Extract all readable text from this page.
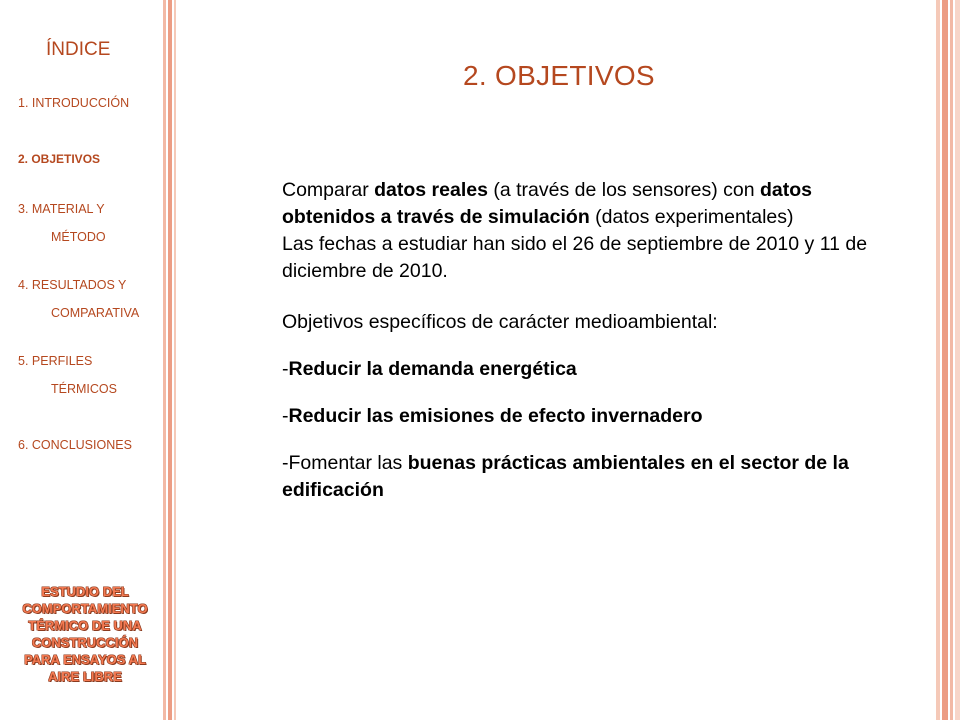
ÍNDICE
1. INTRODUCCIÓN
2. OBJETIVOS
3. MATERIAL Y
MÉTODO
4. RESULTADOS Y
COMPARATIVA
5. PERFILES
TÉRMICOS
6. CONCLUSIONES
ESTUDIO DEL
COMPORTAMIENTO
TÉRMICO DE UNA
CONSTRUCCIÓN
PARA ENSAYOS AL
AIRE LIBRE
2. OBJETIVOS

Comparar datos reales (a través de los sensores) con datos obtenidos a través de simulación (datos experimentales)

Las fechas a estudiar han sido el 26 de septiembre de 2010 y 11 de diciembre de 2010.

Objetivos específicos de carácter medioambiental:

-Reducir la demanda energética

-Reducir las emisiones de efecto invernadero

-Fomentar las buenas prácticas ambientales en el sector de la edificación
